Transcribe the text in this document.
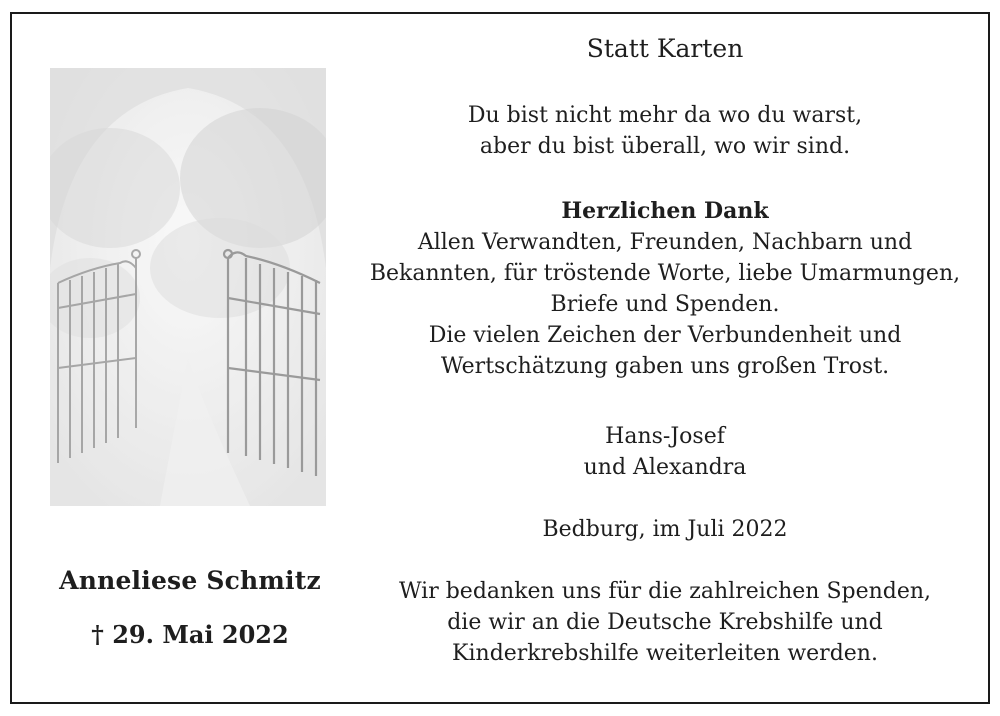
Anneliese Schmitz
† 29. Mai 2022
Statt Karten
Du bist nicht mehr da wo du warst,
aber du bist überall, wo wir sind.
Herzlichen Dank
Allen Verwandten, Freunden, Nachbarn und
Bekannten, für tröstende Worte, liebe Umarmungen,
Briefe und Spenden.
Die vielen Zeichen der Verbundenheit und
Wertschätzung gaben uns großen Trost.
Hans-Josef
und Alexandra
Bedburg, im Juli 2022
Wir bedanken uns für die zahlreichen Spenden,
die wir an die Deutsche Krebshilfe und
Kinderkrebshilfe weiterleiten werden.
